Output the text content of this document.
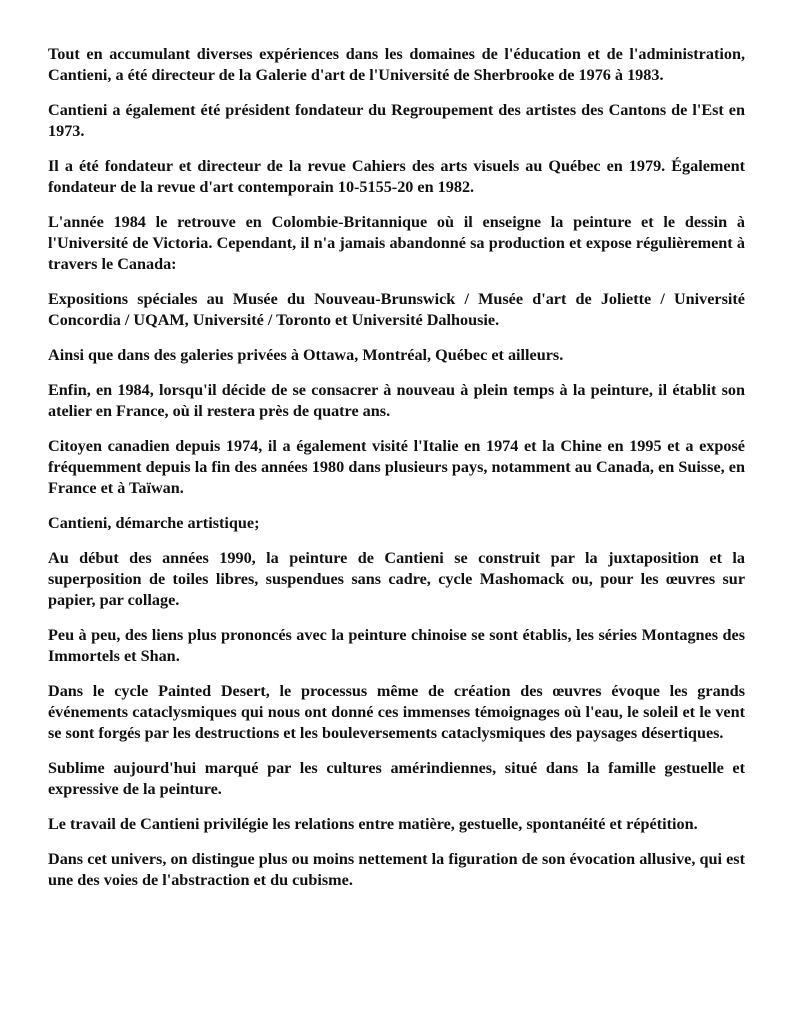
Tout en accumulant diverses expériences dans les domaines de l'éducation et de l'administration, Cantieni, a été directeur de la Galerie d'art de l'Université de Sherbrooke de 1976 à 1983.

Cantieni a également été président fondateur du Regroupement des artistes des Cantons de l'Est en 1973.

Il a été fondateur et directeur de la revue Cahiers des arts visuels au Québec en 1979. Également fondateur de la revue d'art contemporain 10-5155-20 en 1982.

L'année 1984 le retrouve en Colombie-Britannique où il enseigne la peinture et le dessin à l'Université de Victoria. Cependant, il n'a jamais abandonné sa production et expose régulièrement à travers le Canada:

Expositions spéciales au Musée du Nouveau-Brunswick / Musée d'art de Joliette / Université Concordia / UQAM, Université / Toronto et Université Dalhousie.

Ainsi que dans des galeries privées à Ottawa, Montréal, Québec et ailleurs.

Enfin, en 1984, lorsqu'il décide de se consacrer à nouveau à plein temps à la peinture, il établit son atelier en France, où il restera près de quatre ans.

Citoyen canadien depuis 1974, il a également visité l'Italie en 1974 et la Chine en 1995 et a exposé fréquemment depuis la fin des années 1980 dans plusieurs pays, notamment au Canada, en Suisse, en France et à Taïwan.

Cantieni, démarche artistique;

Au début des années 1990, la peinture de Cantieni se construit par la juxtaposition et la superposition de toiles libres, suspendues sans cadre, cycle Mashomack ou, pour les œuvres sur papier, par collage.

Peu à peu, des liens plus prononcés avec la peinture chinoise se sont établis, les séries Montagnes des Immortels et Shan.

Dans le cycle Painted Desert, le processus même de création des œuvres évoque les grands événements cataclysmiques qui nous ont donné ces immenses témoignages où l'eau, le soleil et le vent se sont forgés par les destructions et les bouleversements cataclysmiques des paysages désertiques.

Sublime aujourd'hui marqué par les cultures amérindiennes, situé dans la famille gestuelle et expressive de la peinture.

Le travail de Cantieni privilégie les relations entre matière, gestuelle, spontanéité et répétition.

Dans cet univers, on distingue plus ou moins nettement la figuration de son évocation allusive, qui est une des voies de l'abstraction et du cubisme.
